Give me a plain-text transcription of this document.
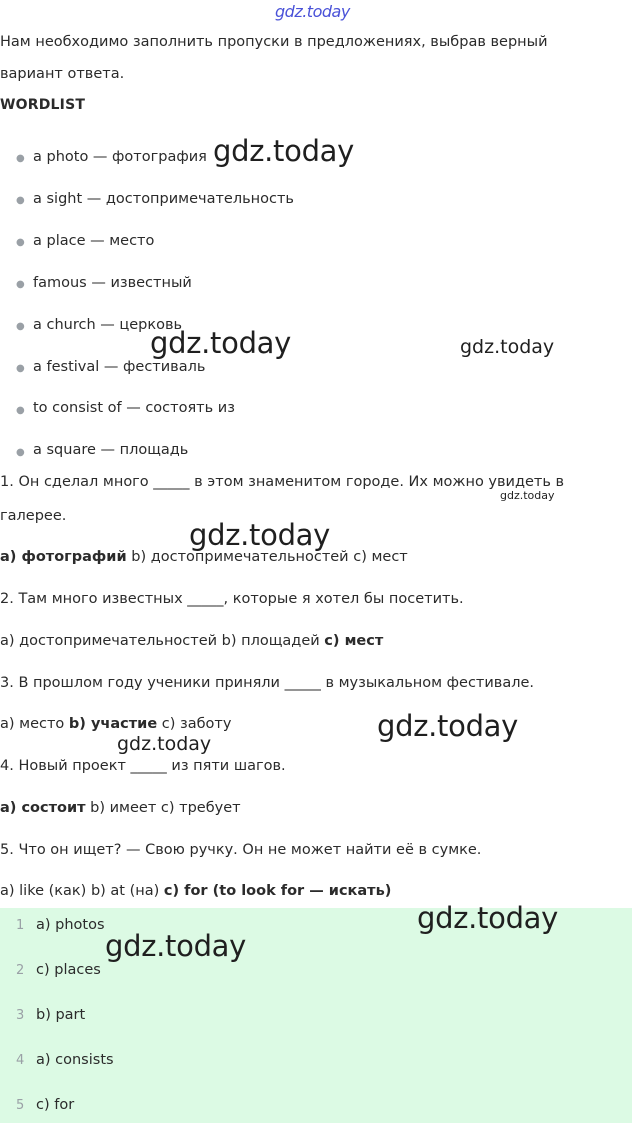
gdz.today
Нам необходимо заполнить пропуски в предложениях, выбрав верный
вариант ответа.
WORDLIST
● a photo — фотография
● a sight — достопримечательность
● a place — место
● famous — известный
● a church — церковь
● a festival — фестиваль
● to consist of — состоять из
● a square — площадь
1. Он сделал много _____ в этом знаменитом городе. Их можно увидеть в
галерее.
a) фотографий b) достопримечательностей c) мест
2. Там много известных _____, которые я хотел бы посетить.
a) достопримечательностей b) площадей c) мест
3. В прошлом году ученики приняли _____ в музыкальном фестивале.
a) место b) участие c) заботу
4. Новый проект _____ из пяти шагов.
a) состоит b) имеет c) требует
5. Что он ищет? — Свою ручку. Он не может найти её в сумке.
a) like (как) b) at (на) c) for (to look for — искать)
1 a) photos
2 c) places
3 b) part
4 a) consists
5 c) for
gdz.today
gdz.today	gdz.today
gdz.today
gdz.today
gdz.today
gdz.today
gdz.today
gdz.today
